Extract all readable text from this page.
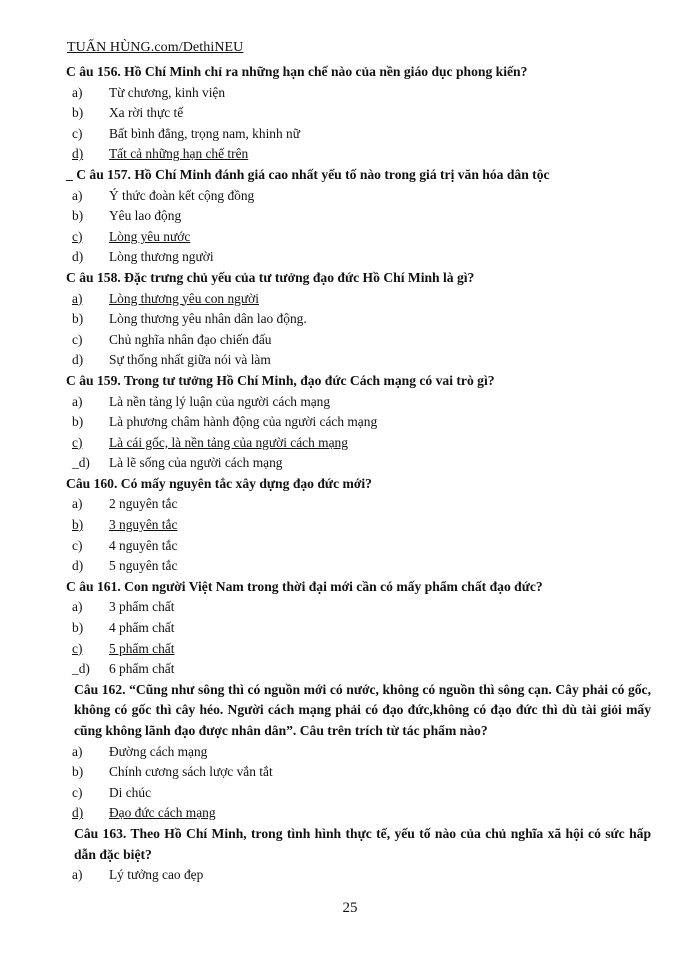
TUẤN HÙNG.com/DethiNEU

C âu 156. Hồ Chí Minh chỉ ra những hạn chế nào của nền giáo dục phong kiến?

a)	Từ chương, kinh viện
b)	Xa rời thực tế
c)	Bất bình đẳng, trọng nam, khinh nữ
d)	Tất cả những hạn chế trên

_ C âu 157. Hồ Chí Minh đánh giá cao nhất yếu tố nào trong giá trị văn hóa dân tộc

a)	Ý thức đoàn kết cộng đồng
b)	Yêu lao động
c)	Lòng yêu nước
d)	Lòng thương người

C âu 158. Đặc trưng chủ yếu của tư tưởng đạo đức Hồ Chí Minh là gì?

a)	Lòng thương yêu con người
b)	Lòng thương yêu nhân dân lao động.
c)	Chủ nghĩa nhân đạo chiến đấu
d)	Sự thống nhất giữa nói và làm

C âu 159. Trong tư tưởng Hồ Chí Minh, đạo đức Cách mạng có vai trò gì?

a)	Là nền tảng lý luận của người cách mạng
b)	Là phương châm hành động của người cách mạng
c)	Là cái gốc, là nền tảng của người cách mạng
_d)	Là lẽ sống của người cách mạng

Câu 160. Có mấy nguyên tắc xây dựng đạo đức mới?

a)	2 nguyên tắc
b)	3 nguyên tắc
c)	4 nguyên tắc
d)	5 nguyên tắc

C âu 161. Con người Việt Nam trong thời đại mới cần có mấy phẩm chất đạo đức?

a)	3 phẩm chất
b)	4 phẩm chất
c)	5 phẩm chất
_d)	6 phẩm chất

Câu 162. “Cũng như sông thì có nguồn mới có nước, không có nguồn thì sông cạn. Cây phải có gốc, không có gốc thì cây héo. Người cách mạng phải có đạo đức,không có đạo đức thì dù tài giỏi mấy cũng không lãnh đạo được nhân dân”. Câu trên trích từ tác phẩm nào?

a)	Đường cách mạng
b)	Chính cương sách lược vắn tắt
c)	Di chúc
d)	Đạo đức cách mạng

Câu 163. Theo Hồ Chí Minh, trong tình hình thực tế, yếu tố nào của chủ nghĩa xã hội có sức hấp dẫn đặc biệt?

a)	Lý tưởng cao đẹp
25
